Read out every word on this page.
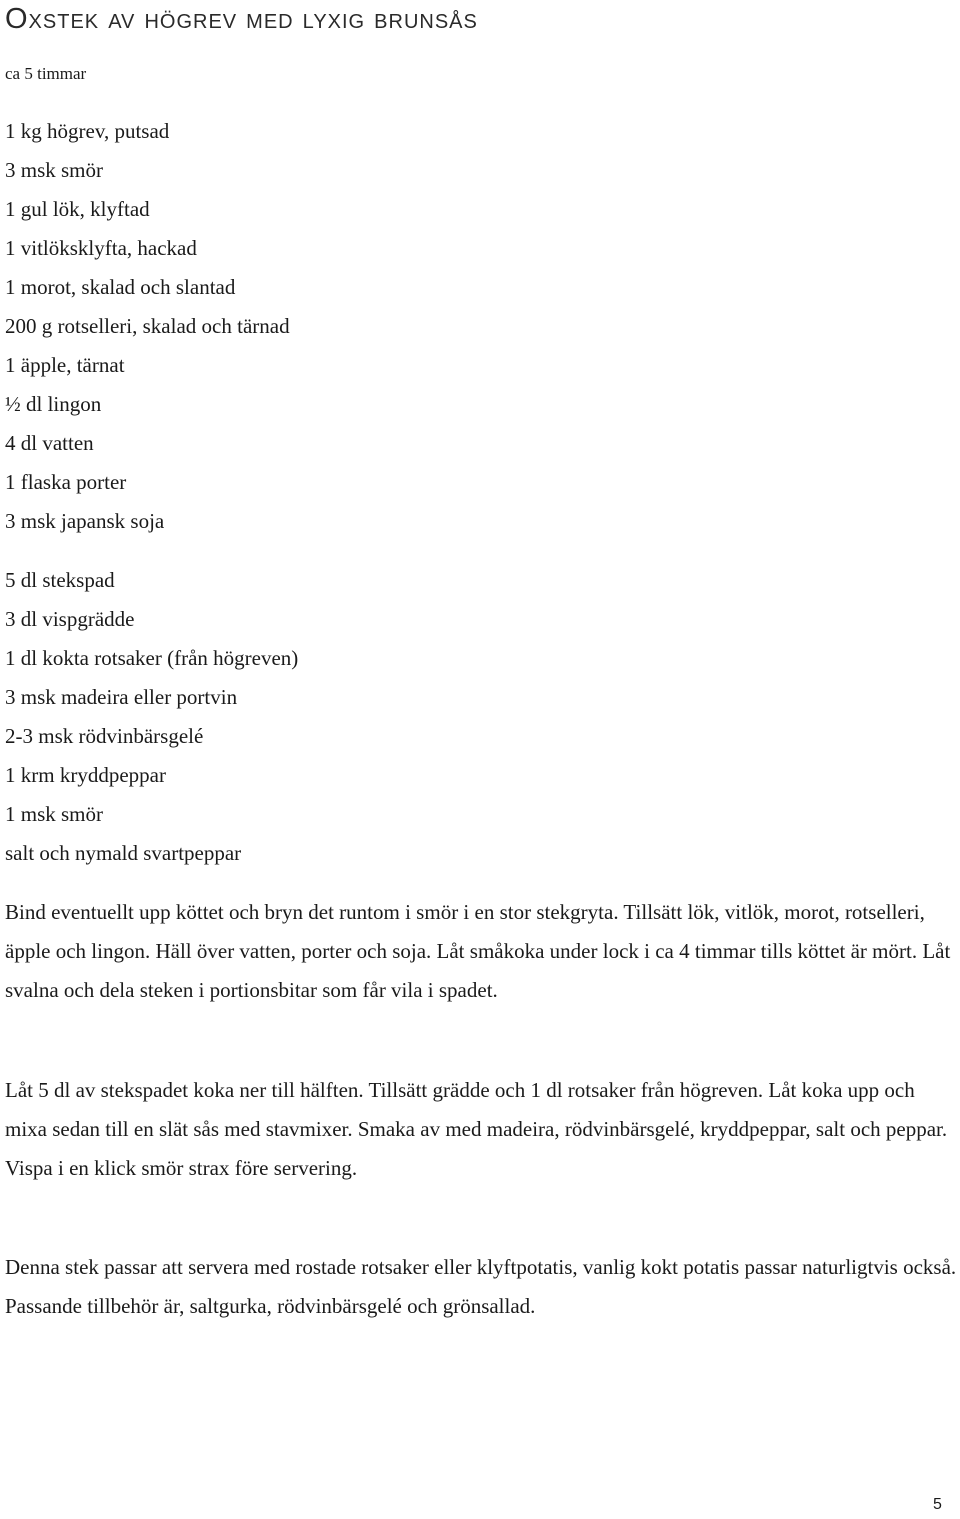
Oxstek av högrev med lyxig brunsås
ca 5 timmar
1 kg högrev, putsad
3 msk smör
1 gul lök, klyftad
1 vitlöksklyfta, hackad
1 morot, skalad och slantad
200 g rotselleri, skalad och tärnad
1 äpple, tärnat
½ dl lingon
4 dl vatten
1 flaska porter
3 msk japansk soja
5 dl stekspad
3 dl vispgrädde
1 dl kokta rotsaker (från högreven)
3 msk madeira eller portvin
2-3 msk rödvinbärsgelé
1 krm kryddpeppar
1 msk smör
salt och nymald svartpeppar

Bind eventuellt upp köttet och bryn det runtom i smör i en stor stekgryta. Tillsätt lök, vitlök, morot, rotselleri, äpple och lingon. Häll över vatten, porter och soja. Låt småkoka under lock i ca 4 timmar tills köttet är mört. Låt svalna och dela steken i portionsbitar som får vila i spadet.

Låt 5 dl av stekspadet koka ner till hälften. Tillsätt grädde och 1 dl rotsaker från högreven. Låt koka upp och mixa sedan till en slät sås med stavmixer. Smaka av med madeira, rödvinbärsgelé, kryddpeppar, salt och peppar. Vispa i en klick smör strax före servering.

Denna stek passar att servera med rostade rotsaker eller klyftpotatis, vanlig kokt potatis passar naturligtvis också. Passande tillbehör är, saltgurka, rödvinbärsgelé och grönsallad.

5
